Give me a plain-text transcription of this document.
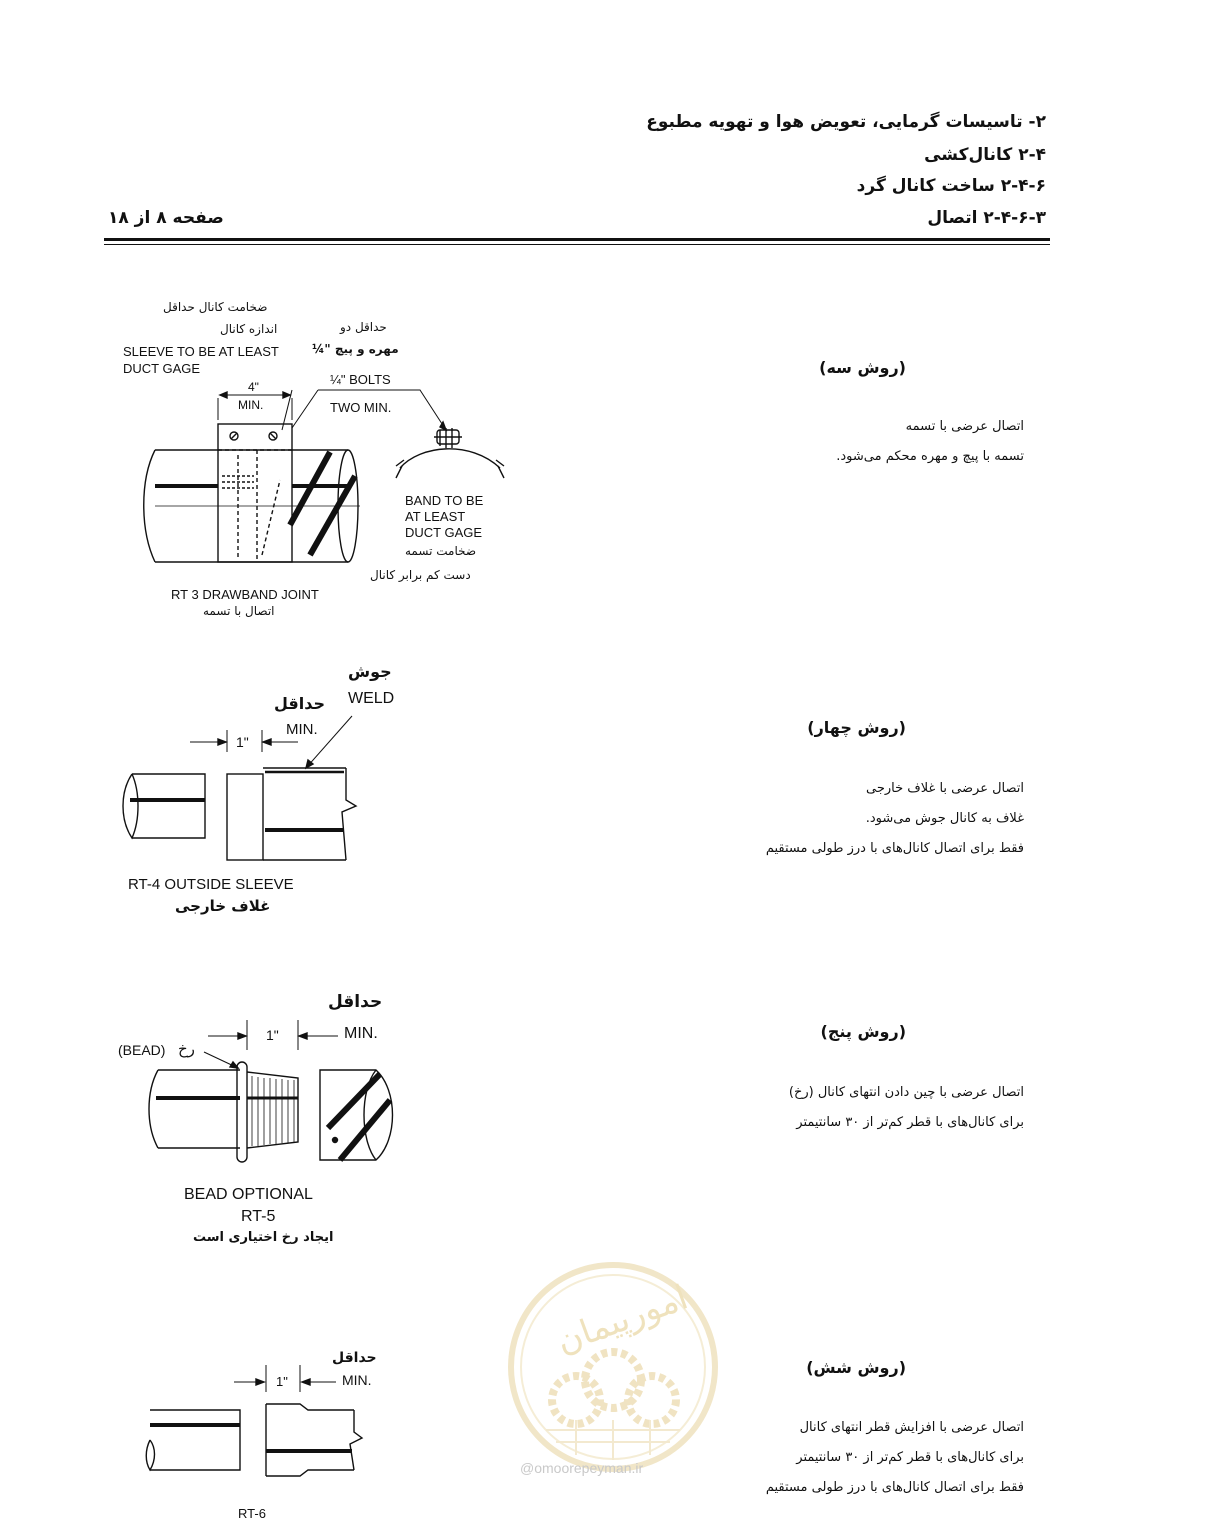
۲- تاسیسات گرمایی، تعویض هوا و تهویه مطبوع
۲-۴ کانال‌کشی
۲-۴-۶ ساخت کانال گرد
۲-۴-۶-۳ اتصال
صفحه ۸ از ۱۸
(روش سه)
اتصال عرضی با تسمه
تسمه با پیچ و مهره محکم می‌شود.
(روش چهار)
اتصال عرضی با غلاف خارجی
غلاف به کانال جوش می‌شود.
فقط برای اتصال کانال‌های با درز طولی مستقیم
(روش پنج)
اتصال عرضی با چین دادن انتهای کانال (رخ)
برای کانال‌های با قطر کم‌تر از ۳۰ سانتیمتر
(روش شش)
اتصال عرضی با افزایش قطر انتهای کانال
برای کانال‌های با قطر کم‌تر از ۳۰ سانتیمتر
فقط برای اتصال کانال‌های با درز طولی مستقیم
امورپیمان
@omoorepeyman.ir
ضخامت کانال حداقل
اندازه کانال
SLEEVE TO BE AT LEAST
DUCT GAGE
حداقل دو
مهره و پیچ "¼
¼" BOLTS
TWO MIN.
4"
MIN.
BAND TO BE
AT LEAST
DUCT GAGE
ضخامت تسمه
دست کم برابر کانال
RT 3 DRAWBAND JOINT
اتصال با تسمه
جوش
WELD
حداقل
MIN.
1"
RT-4 OUTSIDE SLEEVE
غلاف خارجی
حداقل
MIN.
1"
(BEAD) رخ
BEAD OPTIONAL
RT-5
ایجاد رخ اختیاری است
حداقل
MIN.
1"
RT-6
